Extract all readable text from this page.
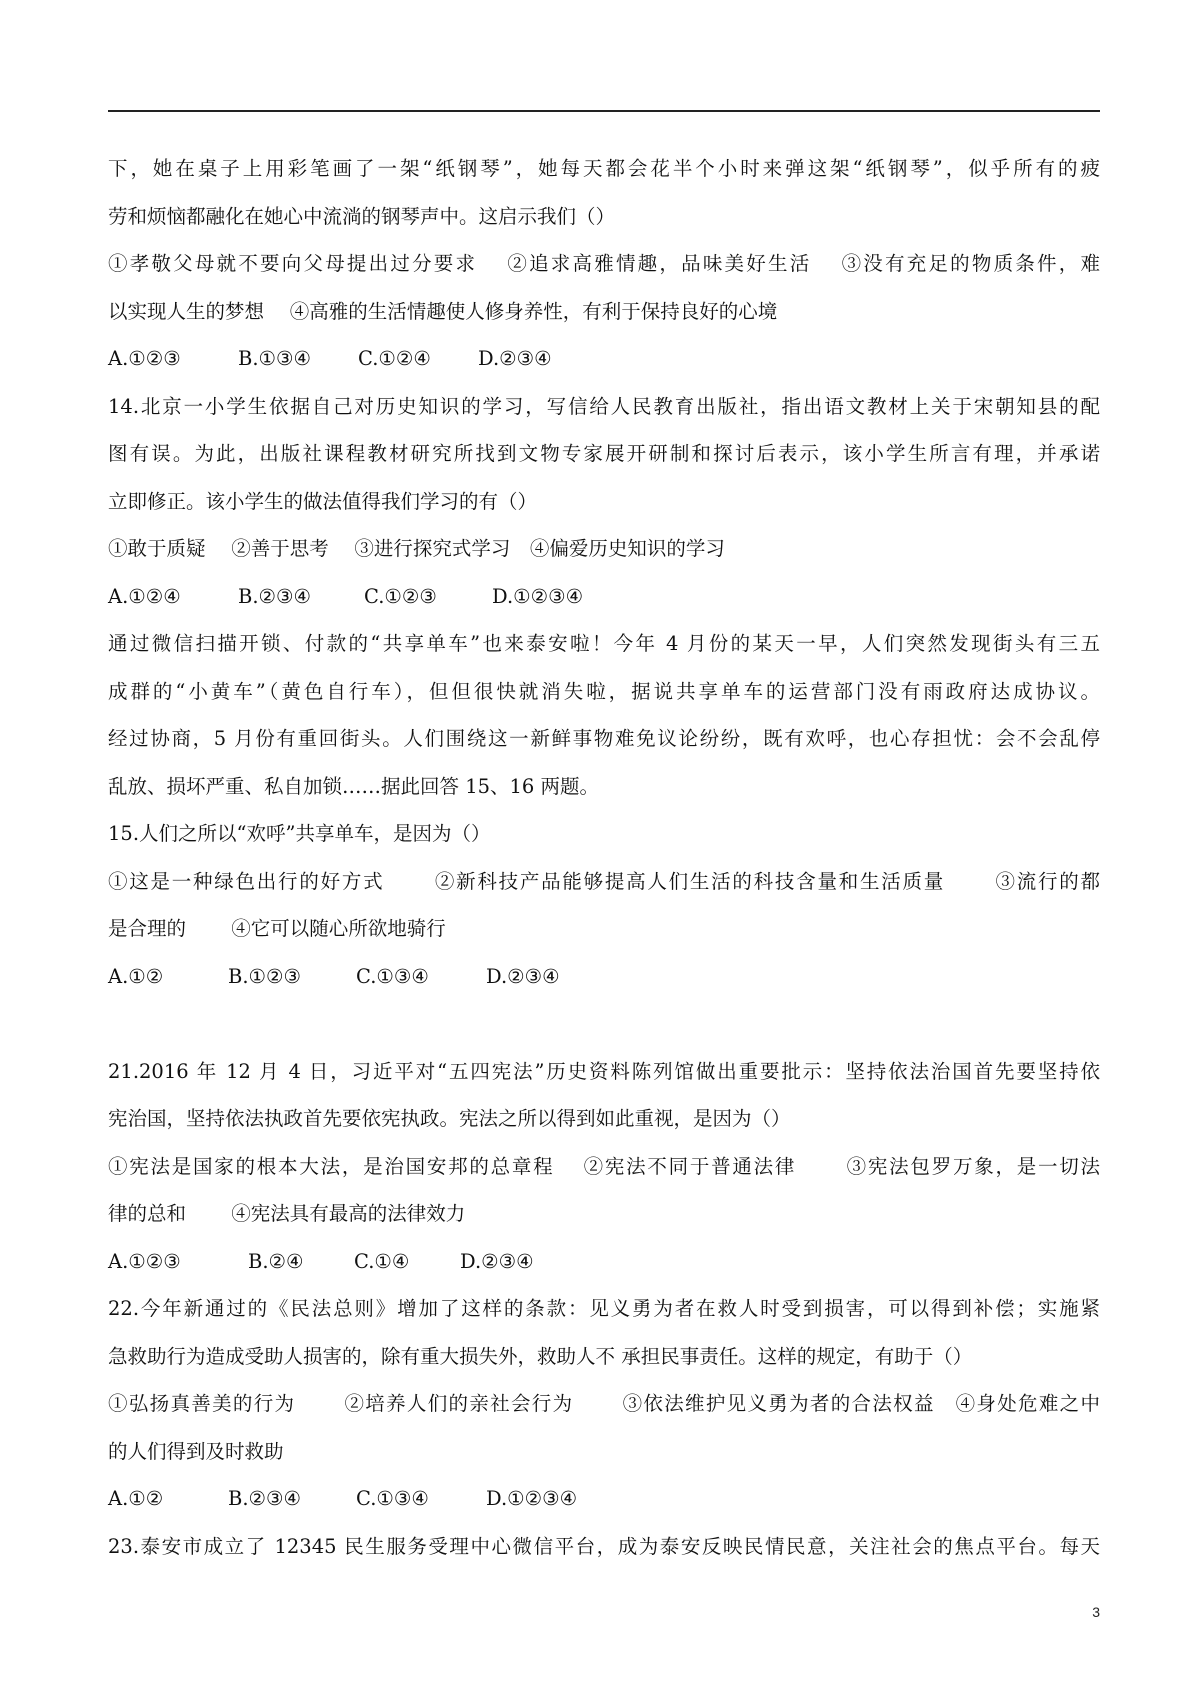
下，她在桌子上用彩笔画了一架“纸钢琴”，她每天都会花半个小时来弹这架“纸钢琴”，似乎所有的疲
劳和烦恼都融化在她心中流淌的钢琴声中。这启示我们（）
①孝敬父母就不要向父母提出过分要求　 ②追求高雅情趣，品味美好生活　 ③没有充足的物质条件，难
以实现人生的梦想　 ④高雅的生活情趣使人修身养性，有利于保持良好的心境
A.①②③	B.①③④	C.①②④	D.②③④
14.北京一小学生依据自己对历史知识的学习，写信给人民教育出版社，指出语文教材上关于宋朝知县的配
图有误。为此，出版社课程教材研究所找到文物专家展开研制和探讨后表示，该小学生所言有理，并承诺
立即修正。该小学生的做法值得我们学习的有（）
①敢于质疑　 ②善于思考　 ③进行探究式学习　④偏爱历史知识的学习
A.①②④	B.②③④	C.①②③	D.①②③④
通过微信扫描开锁、付款的“共享单车”也来泰安啦！今年 4 月份的某天一早，人们突然发现街头有三五
成群的“小黄车”（黄色自行车），但但很快就消失啦，据说共享单车的运营部门没有雨政府达成协议。
经过协商，5 月份有重回街头。人们围绕这一新鲜事物难免议论纷纷，既有欢呼，也心存担忧：会不会乱停
乱放、损坏严重、私自加锁……据此回答 15、16 两题。
15.人们之所以“欢呼”共享单车，是因为（）
①这是一种绿色出行的好方式　　 ②新科技产品能够提高人们生活的科技含量和生活质量　　 ③流行的都
是合理的　　 ④它可以随心所欲地骑行
A.①②	B.①②③	C.①③④	D.②③④
21.2016 年 12 月 4 日，习近平对“五四宪法”历史资料陈列馆做出重要批示：坚持依法治国首先要坚持依
宪治国，坚持依法执政首先要依宪执政。宪法之所以得到如此重视，是因为（）
①宪法是国家的根本大法，是治国安邦的总章程　 ②宪法不同于普通法律　　 ③宪法包罗万象，是一切法
律的总和　　 ④宪法具有最高的法律效力
A.①②③	B.②④	C.①④	D.②③④
22.今年新通过的《民法总则》增加了这样的条款：见义勇为者在救人时受到损害，可以得到补偿；实施紧
急救助行为造成受助人损害的，除有重大损失外，救助人不 承担民事责任。这样的规定，有助于（）
①弘扬真善美的行为　　 ②培养人们的亲社会行为　　 ③依法维护见义勇为者的合法权益　④身处危难之中
的人们得到及时救助
A.①②	B.②③④	C.①③④	D.①②③④
23.泰安市成立了 12345 民生服务受理中心微信平台，成为泰安反映民情民意，关注社会的焦点平台。每天
3
